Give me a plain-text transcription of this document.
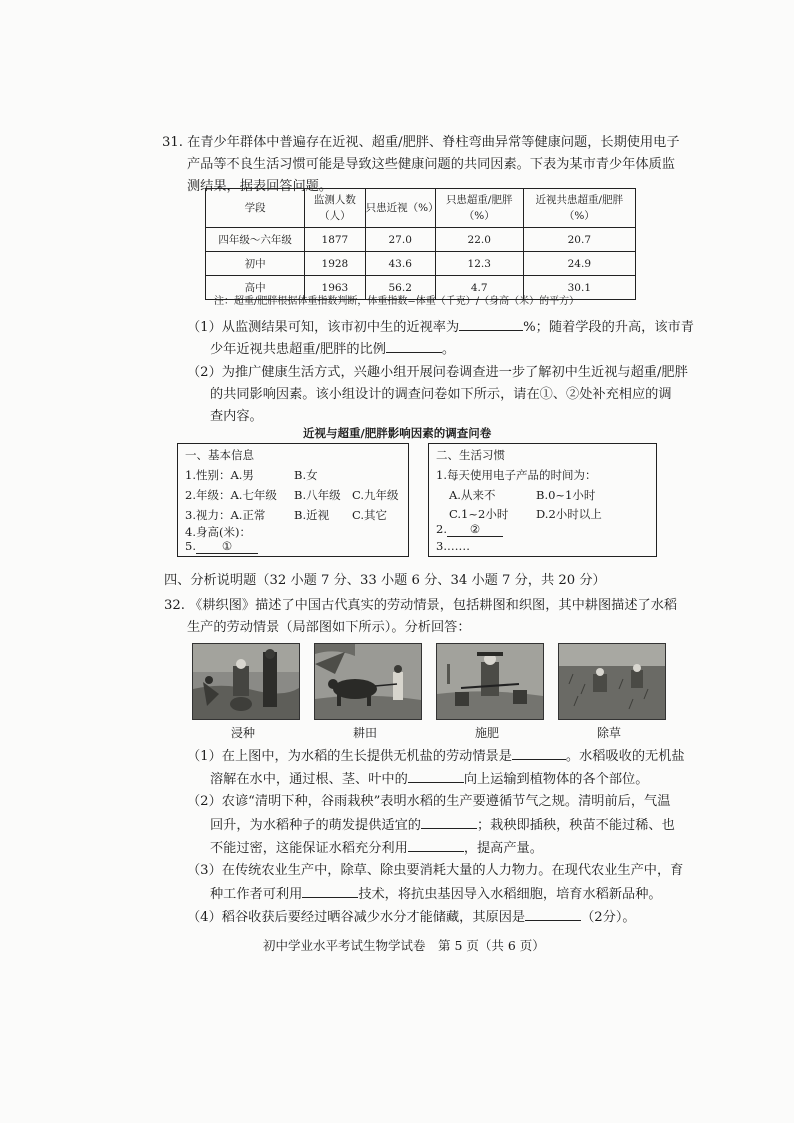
31. 在青少年群体中普遍存在近视、超重/肥胖、脊柱弯曲异常等健康问题，长期使用电子
产品等不良生活习惯可能是导致这些健康问题的共同因素。下表为某市青少年体质监
测结果，据表回答问题。
学段	监测人数（人）	只患近视（%）	只患超重/肥胖（%）	近视共患超重/肥胖（%）
四年级～六年级	1877	27.0	22.0	20.7
初中	1928	43.6	12.3	24.9
高中	1963	56.2	4.7	30.1
注：超重/肥胖根据体重指数判断，体重指数=体重（千克）/（身高（米）的平方）
（1）从监测结果可知，该市初中生的近视率为	%；随着学段的升高，该市青
少年近视共患超重/肥胖的比例	。
（2）为推广健康生活方式，兴趣小组开展问卷调查进一步了解初中生近视与超重/肥胖
的共同影响因素。该小组设计的调查问卷如下所示，请在①、②处补充相应的调
查内容。
近视与超重/肥胖影响因素的调查问卷
一、基本信息
1.性别：A.男	B.女
2.年级：A.七年级 B.八年级 C.九年级
3.视力：A.正常 B.近视 C.其它
4.身高(米)：
5. ①
二、生活习惯
1.每天使用电子产品的时间为：
A.从来不	B.0~1小时
C.1~2小时 D.2小时以上
2. ②
3.……
四、分析说明题（32 小题 7 分、33 小题 6 分、34 小题 7 分，共 20 分）
32. 《耕织图》描述了中国古代真实的劳动情景，包括耕图和织图，其中耕图描述了水稻
生产的劳动情景（局部图如下所示）。分析回答：
浸种	耕田	施肥	除草
（1）在上图中，为水稻的生长提供无机盐的劳动情景是	。水稻吸收的无机盐
溶解在水中，通过根、茎、叶中的	向上运输到植物体的各个部位。
（2）农谚“清明下种，谷雨栽秧”表明水稻的生产要遵循节气之规。清明前后，气温
回升，为水稻种子的萌发提供适宜的	；栽秧即插秧，秧苗不能过稀、也
不能过密，这能保证水稻充分利用	，提高产量。
（3）在传统农业生产中，除草、除虫要消耗大量的人力物力。在现代农业生产中，育
种工作者可利用	技术，将抗虫基因导入水稻细胞，培育水稻新品种。
（4）稻谷收获后要经过晒谷减少水分才能储藏，其原因是	（2分）。
初中学业水平考试生物学试卷　第 5 页（共 6 页）
